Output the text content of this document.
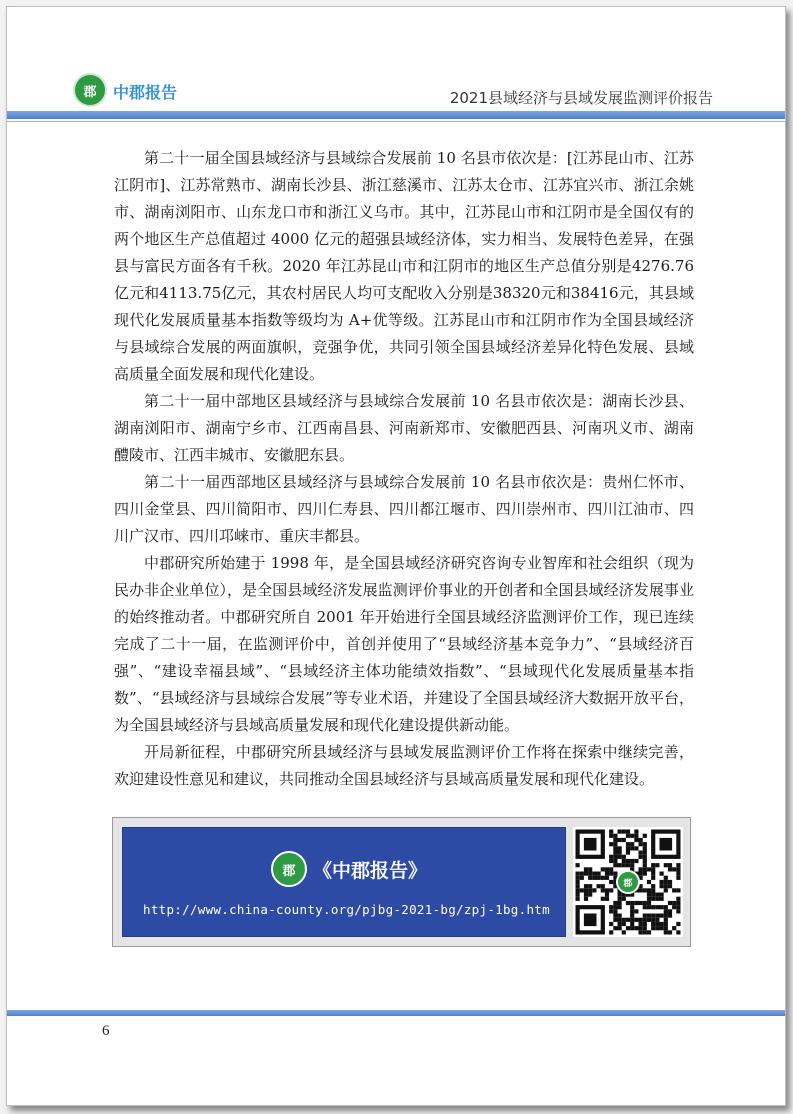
郡	中郡报告	2021县域经济与县域发展监测评价报告

第二十一届全国县域经济与县域综合发展前 10 名县市依次是：[江苏昆山市、江苏江阴市]、江苏常熟市、湖南长沙县、浙江慈溪市、江苏太仓市、江苏宜兴市、浙江余姚市、湖南浏阳市、山东龙口市和浙江义乌市。其中，江苏昆山市和江阴市是全国仅有的两个地区生产总值超过 4000 亿元的超强县域经济体，实力相当、发展特色差异，在强县与富民方面各有千秋。2020 年江苏昆山市和江阴市的地区生产总值分别是4276.76亿元和4113.75亿元，其农村居民人均可支配收入分别是38320元和38416元，其县域现代化发展质量基本指数等级均为 A+优等级。江苏昆山市和江阴市作为全国县域经济与县域综合发展的两面旗帜，竞强争优，共同引领全国县域经济差异化特色发展、县域高质量全面发展和现代化建设。

第二十一届中部地区县域经济与县域综合发展前 10 名县市依次是：湖南长沙县、湖南浏阳市、湖南宁乡市、江西南昌县、河南新郑市、安徽肥西县、河南巩义市、湖南醴陵市、江西丰城市、安徽肥东县。

第二十一届西部地区县域经济与县域综合发展前 10 名县市依次是：贵州仁怀市、四川金堂县、四川简阳市、四川仁寿县、四川都江堰市、四川崇州市、四川江油市、四川广汉市、四川邛崃市、重庆丰都县。

中郡研究所始建于 1998 年，是全国县域经济研究咨询专业智库和社会组织（现为民办非企业单位），是全国县域经济发展监测评价事业的开创者和全国县域经济发展事业的始终推动者。中郡研究所自 2001 年开始进行全国县域经济监测评价工作，现已连续完成了二十一届，在监测评价中，首创并使用了“县域经济基本竞争力”、“县域经济百强”、“建设幸福县域”、“县域经济主体功能绩效指数”、“县域现代化发展质量基本指数”、“县域经济与县域综合发展”等专业术语，并建设了全国县域经济大数据开放平台，为全国县域经济与县域高质量发展和现代化建设提供新动能。

开局新征程，中郡研究所县域经济与县域发展监测评价工作将在探索中继续完善，欢迎建设性意见和建议，共同推动全国县域经济与县域高质量发展和现代化建设。

郡 《中郡报告》
http://www.china-county.org/pjbg-2021-bg/zpj-1bg.htm
郡
6
